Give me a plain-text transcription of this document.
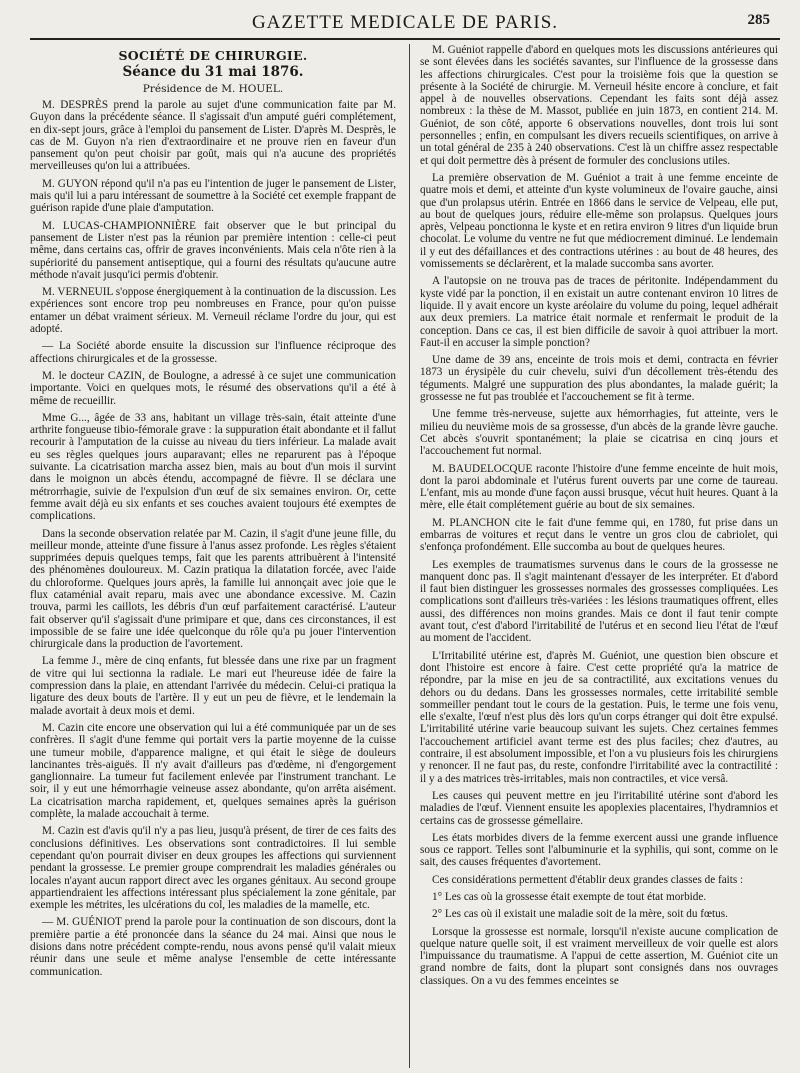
GAZETTE MEDICALE DE PARIS.	285
SOCIÉTÉ DE CHIRURGIE.
Séance du 31 mai 1876.
Présidence de M. HOUEL.

M. DESPRÈS prend la parole au sujet d'une communication faite par M. Guyon dans la précédente séance. Il s'agissait d'un amputé guéri complétement, en dix-sept jours, grâce à l'emploi du pansement de Lister. D'après M. Desprès, le cas de M. Guyon n'a rien d'extraordinaire et ne prouve rien en faveur d'un pansement qu'on peut choisir par goût, mais qui n'a aucune des propriétés merveilleuses qu'on lui a attribuées.

M. GUYON répond qu'il n'a pas eu l'intention de juger le pansement de Lister, mais qu'il lui a paru intéressant de soumettre à la Société cet exemple frappant de guérison rapide d'une plaie d'amputation.

M. LUCAS-CHAMPIONNIÈRE fait observer que le but principal du pansement de Lister n'est pas la réunion par première intention : celle-ci peut même, dans certains cas, offrir de graves inconvénients. Mais cela n'ôte rien à la supériorité du pansement antiseptique, qui a fourni des résultats qu'aucune autre méthode n'avait jusqu'ici permis d'obtenir.

M. VERNEUIL s'oppose énergiquement à la continuation de la discussion. Les expériences sont encore trop peu nombreuses en France, pour qu'on puisse entamer un débat vraiment sérieux. M. Verneuil réclame l'ordre du jour, qui est adopté.

— La Société aborde ensuite la discussion sur l'influence réciproque des affections chirurgicales et de la grossesse.

M. le docteur CAZIN, de Boulogne, a adressé à ce sujet une communication importante. Voici en quelques mots, le résumé des observations qu'il a été à même de recueillir.

Mme G..., âgée de 33 ans, habitant un village très-sain, était atteinte d'une arthrite fongueuse tibio-fémorale grave : la suppuration était abondante et il fallut recourir à l'amputation de la cuisse au niveau du tiers inférieur. La malade avait eu ses règles quelques jours auparavant; elles ne reparurent pas à l'époque suivante. La cicatrisation marcha assez bien, mais au bout d'un mois il survint dans le moignon un abcès étendu, accompagné de fièvre. Il se déclara une métrorrhagie, suivie de l'expulsion d'un œuf de six semaines environ. Or, cette femme avait déjà eu six enfants et ses couches avaient toujours été exemptes de complications.

Dans la seconde observation relatée par M. Cazin, il s'agit d'une jeune fille, du meilleur monde, atteinte d'une fissure à l'anus assez profonde. Les règles s'étaient supprimées depuis quelques temps, fait que les parents attribuèrent à l'intensité des phénomènes douloureux. M. Cazin pratiqua la dilatation forcée, avec l'aide du chloroforme. Quelques jours après, la famille lui annonçait avec joie que le flux cataménial avait reparu, mais avec une abondance excessive. M. Cazin trouva, parmi les caillots, les débris d'un œuf parfaitement caractérisé. L'auteur fait observer qu'il s'agissait d'une primipare et que, dans ces circonstances, il est impossible de se faire une idée quelconque du rôle qu'a pu jouer l'intervention chirurgicale dans la production de l'avortement.

La femme J., mère de cinq enfants, fut blessée dans une rixe par un fragment de vitre qui lui sectionna la radiale. Le mari eut l'heureuse idée de faire la compression dans la plaie, en attendant l'arrivée du médecin. Celui-ci pratiqua la ligature des deux bouts de l'artère. Il y eut un peu de fièvre, et le lendemain la malade avortait à deux mois et demi.

M. Cazin cite encore une observation qui lui a été communiquée par un de ses confrères. Il s'agit d'une femme qui portait vers la partie moyenne de la cuisse une tumeur mobile, d'apparence maligne, et qui était le siège de douleurs lancinantes très-aiguës. Il n'y avait d'ailleurs pas d'œdème, ni d'engorgement ganglionnaire. La tumeur fut facilement enlevée par l'instrument tranchant. Le soir, il y eut une hémorrhagie veineuse assez abondante, qu'on arrêta aisément. La cicatrisation marcha rapidement, et, quelques semaines après la guérison complète, la malade accouchait à terme.

M. Cazin est d'avis qu'il n'y a pas lieu, jusqu'à présent, de tirer de ces faits des conclusions définitives. Les observations sont contradictoires. Il lui semble cependant qu'on pourrait diviser en deux groupes les affections qui surviennent pendant la grossesse. Le premier groupe comprendrait les maladies générales ou locales n'ayant aucun rapport direct avec les organes génitaux. Au second groupe appartiendraient les affections intéressant plus spécialement la zone génitale, par exemple les métrites, les ulcérations du col, les maladies de la mamelle, etc.

— M. GUÉNIOT prend la parole pour la continuation de son discours, dont la première partie a été prononcée dans la séance du 24 mai. Ainsi que nous le disions dans notre précédent compte-rendu, nous avons pensé qu'il valait mieux réunir dans une seule et même analyse l'ensemble de cette intéressante communication.

M. Guéniot rappelle d'abord en quelques mots les discussions antérieures qui se sont élevées dans les sociétés savantes, sur l'influence de la grossesse dans les affections chirurgicales. C'est pour la troisième fois que la question se présente à la Société de chirurgie. M. Verneuil hésite encore à conclure, et fait appel à de nouvelles observations. Cependant les faits sont déjà assez nombreux : la thèse de M. Massot, publiée en juin 1873, en contient 214. M. Guéniot, de son côté, apporte 6 observations nouvelles, dont trois lui sont personnelles ; enfin, en compulsant les divers recueils scientifiques, on arrive à un total général de 235 à 240 observations. C'est là un chiffre assez respectable et qui doit permettre dès à présent de formuler des conclusions utiles.

La première observation de M. Guéniot a trait à une femme enceinte de quatre mois et demi, et atteinte d'un kyste volumineux de l'ovaire gauche, ainsi que d'un prolapsus utérin. Entrée en 1866 dans le service de Velpeau, elle put, au bout de quelques jours, réduire elle-même son prolapsus. Quelques jours après, Velpeau ponctionna le kyste et en retira environ 9 litres d'un liquide brun chocolat. Le volume du ventre ne fut que médiocrement diminué. Le lendemain il y eut des défaillances et des contractions utérines : au bout de 48 heures, des vomissements se déclarèrent, et la malade succomba sans avorter.

A l'autopsie on ne trouva pas de traces de péritonite. Indépendamment du kyste vidé par la ponction, il en existait un autre contenant environ 10 litres de liquide. Il y avait encore un kyste aréolaire du volume du poing, lequel adhérait aux deux premiers. La matrice était normale et renfermait le produit de la conception. Dans ce cas, il est bien difficile de savoir à quoi attribuer la mort. Faut-il en accuser la simple ponction?

Une dame de 39 ans, enceinte de trois mois et demi, contracta en février 1873 un érysipèle du cuir chevelu, suivi d'un décollement très-étendu des téguments. Malgré une suppuration des plus abondantes, la malade guérit; la grossesse ne fut pas troublée et l'accouchement se fit à terme.

Une femme très-nerveuse, sujette aux hémorrhagies, fut atteinte, vers le milieu du neuvième mois de sa grossesse, d'un abcès de la grande lèvre gauche. Cet abcès s'ouvrit spontanément; la plaie se cicatrisa en cinq jours et l'accouchement fut normal.

M. BAUDELOCQUE raconte l'histoire d'une femme enceinte de huit mois, dont la paroi abdominale et l'utérus furent ouverts par une corne de taureau. L'enfant, mis au monde d'une façon aussi brusque, vécut huit heures. Quant à la mère, elle était complétement guérie au bout de six semaines.

M. PLANCHON cite le fait d'une femme qui, en 1780, fut prise dans un embarras de voitures et reçut dans le ventre un gros clou de cabriolet, qui s'enfonça profondément. Elle succomba au bout de quelques heures.

Les exemples de traumatismes survenus dans le cours de la grossesse ne manquent donc pas. Il s'agit maintenant d'essayer de les interpréter. Et d'abord il faut bien distinguer les grossesses normales des grossesses compliquées. Les complications sont d'ailleurs très-variées : les lésions traumatiques offrent, elles aussi, des différences non moins grandes. Mais ce dont il faut tenir compte avant tout, c'est d'abord l'irritabilité de l'utérus et en second lieu l'état de l'œuf au moment de l'accident.

L'Irritabilité utérine est, d'après M. Guéniot, une question bien obscure et dont l'histoire est encore à faire. C'est cette propriété qu'a la matrice de répondre, par la mise en jeu de sa contractilité, aux excitations venues du dehors ou du dedans. Dans les grossesses normales, cette irritabilité semble sommeiller pendant tout le cours de la gestation. Puis, le terme une fois venu, elle s'exalte, l'œuf n'est plus dès lors qu'un corps étranger qui doit être expulsé. L'irritabilité utérine varie beaucoup suivant les sujets. Chez certaines femmes l'accouchement artificiel avant terme est des plus faciles; chez d'autres, au contraire, il est absolument impossible, et l'on a vu plusieurs fois les chirurgiens y renoncer. Il ne faut pas, du reste, confondre l'irritabilité avec la contractilité : il y a des matrices très-irritables, mais non contractiles, et vice versâ.

Les causes qui peuvent mettre en jeu l'irritabilité utérine sont d'abord les maladies de l'œuf. Viennent ensuite les apoplexies placentaires, l'hydramnios et certains cas de grossesse gémellaire.

Les états morbides divers de la femme exercent aussi une grande influence sous ce rapport. Telles sont l'albuminurie et la syphilis, qui sont, comme on le sait, des causes fréquentes d'avortement.

Ces considérations permettent d'établir deux grandes classes de faits :

1° Les cas où la grossesse était exempte de tout état morbide.

2° Les cas où il existait une maladie soit de la mère, soit du fœtus.

Lorsque la grossesse est normale, lorsqu'il n'existe aucune complication de quelque nature quelle soit, il est vraiment merveilleux de voir quelle est alors l'impuissance du traumatisme. A l'appui de cette assertion, M. Guéniot cite un grand nombre de faits, dont la plupart sont consignés dans nos ouvrages classiques. On a vu des femmes enceintes se
